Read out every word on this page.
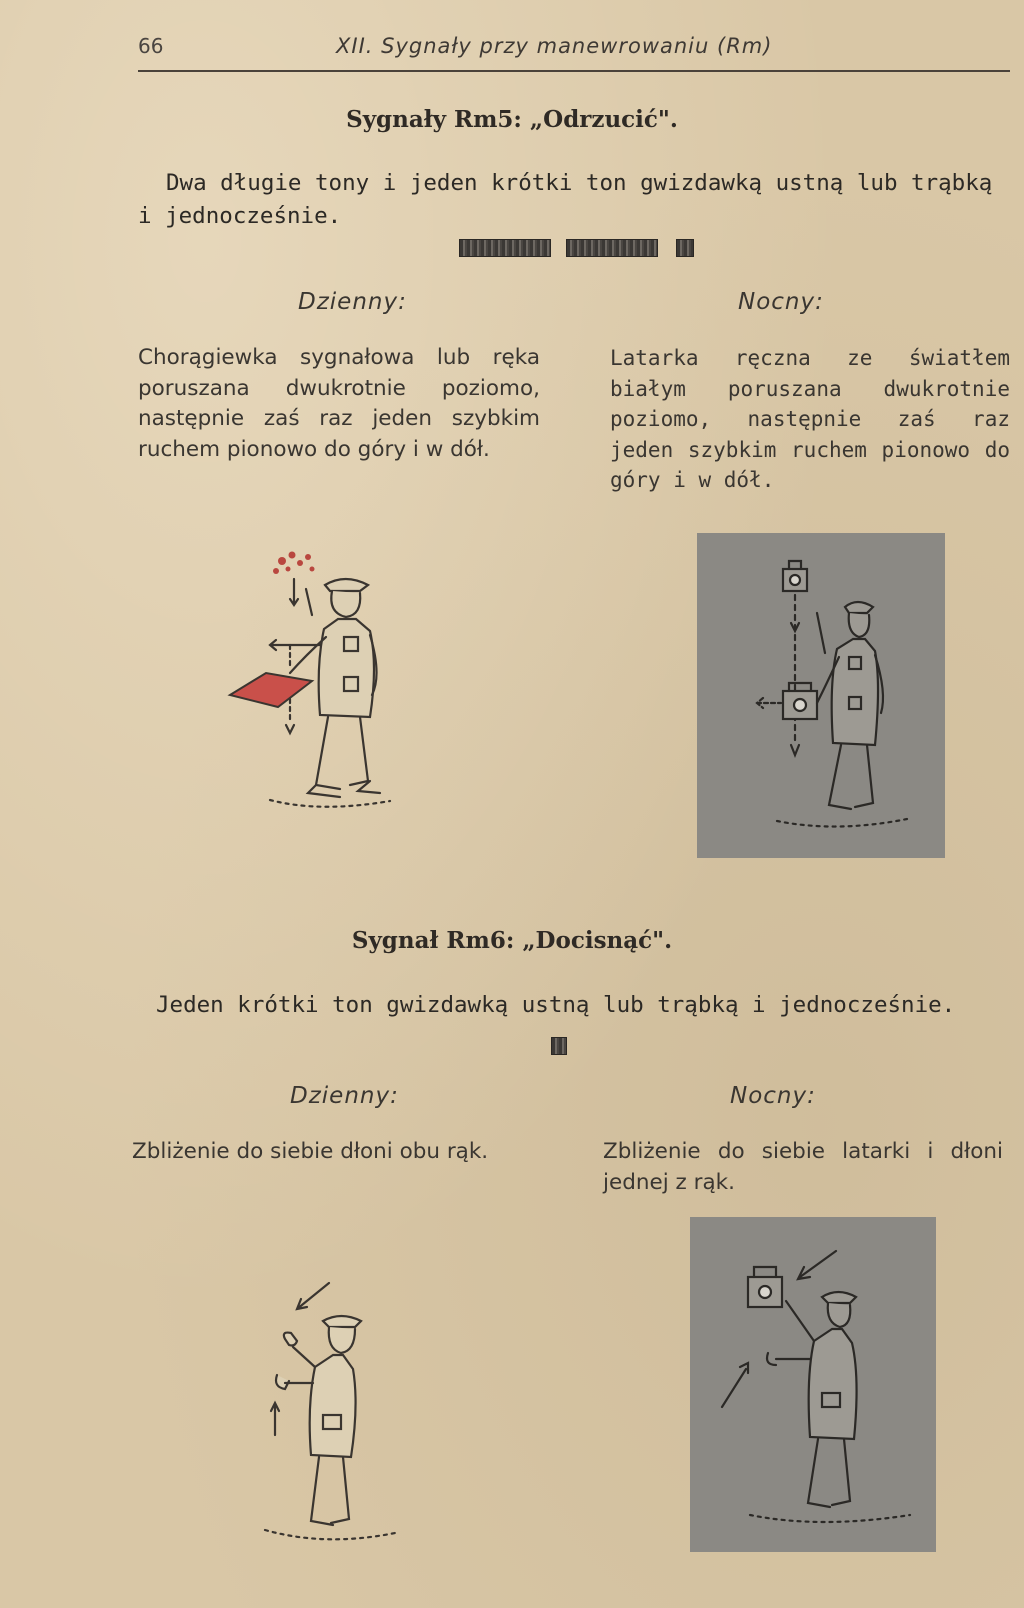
66	XII. Sygnały przy manewrowaniu (Rm)
Sygnały Rm5: „Odrzucić".

Dwa długie tony i jeden krótki ton gwizdawką ustną lub trąbką

i jednocześnie.

Dzienny:	Nocny:

Chorągiewka sygnałowa lub ręka poruszana dwukrotnie poziomo, następnie zaś raz jeden szybkim ruchem pionowo do góry i w dół.

Latarka ręczna ze światłem białym poruszana dwukrotnie poziomo, następnie zaś raz jeden szybkim ruchem pionowo do góry i w dół.

Sygnał Rm6: „Docisnąć".

Jeden krótki ton gwizdawką ustną lub trąbką i jednocześnie.

Dzienny:	Nocny:

Zbliżenie do siebie dłoni obu rąk.	Zbliżenie do siebie latarki i dłoni jednej z rąk.
